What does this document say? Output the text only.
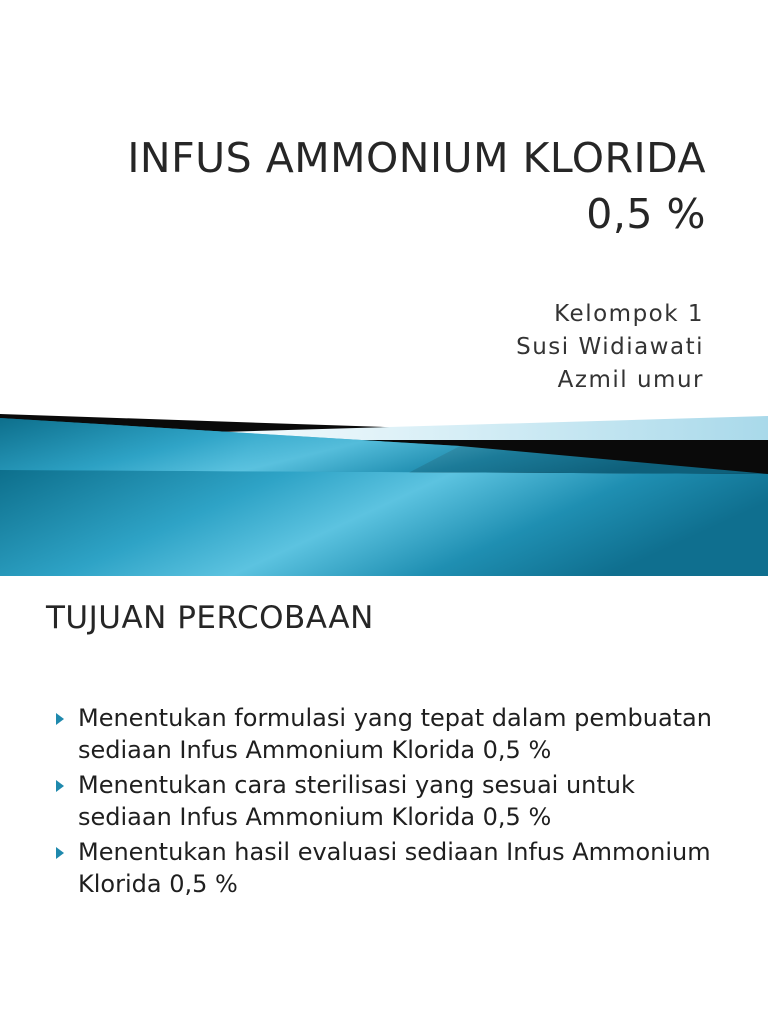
INFUS AMMONIUM KLORIDA
0,5 %
Kelompok 1
Susi Widiawati
Azmil umur
TUJUAN PERCOBAAN
Menentukan formulasi yang tepat dalam pembuatan sediaan Infus Ammonium Klorida 0,5 %
Menentukan cara sterilisasi yang sesuai untuk sediaan Infus Ammonium Klorida 0,5 %
Menentukan hasil evaluasi sediaan Infus Ammonium Klorida 0,5 %
